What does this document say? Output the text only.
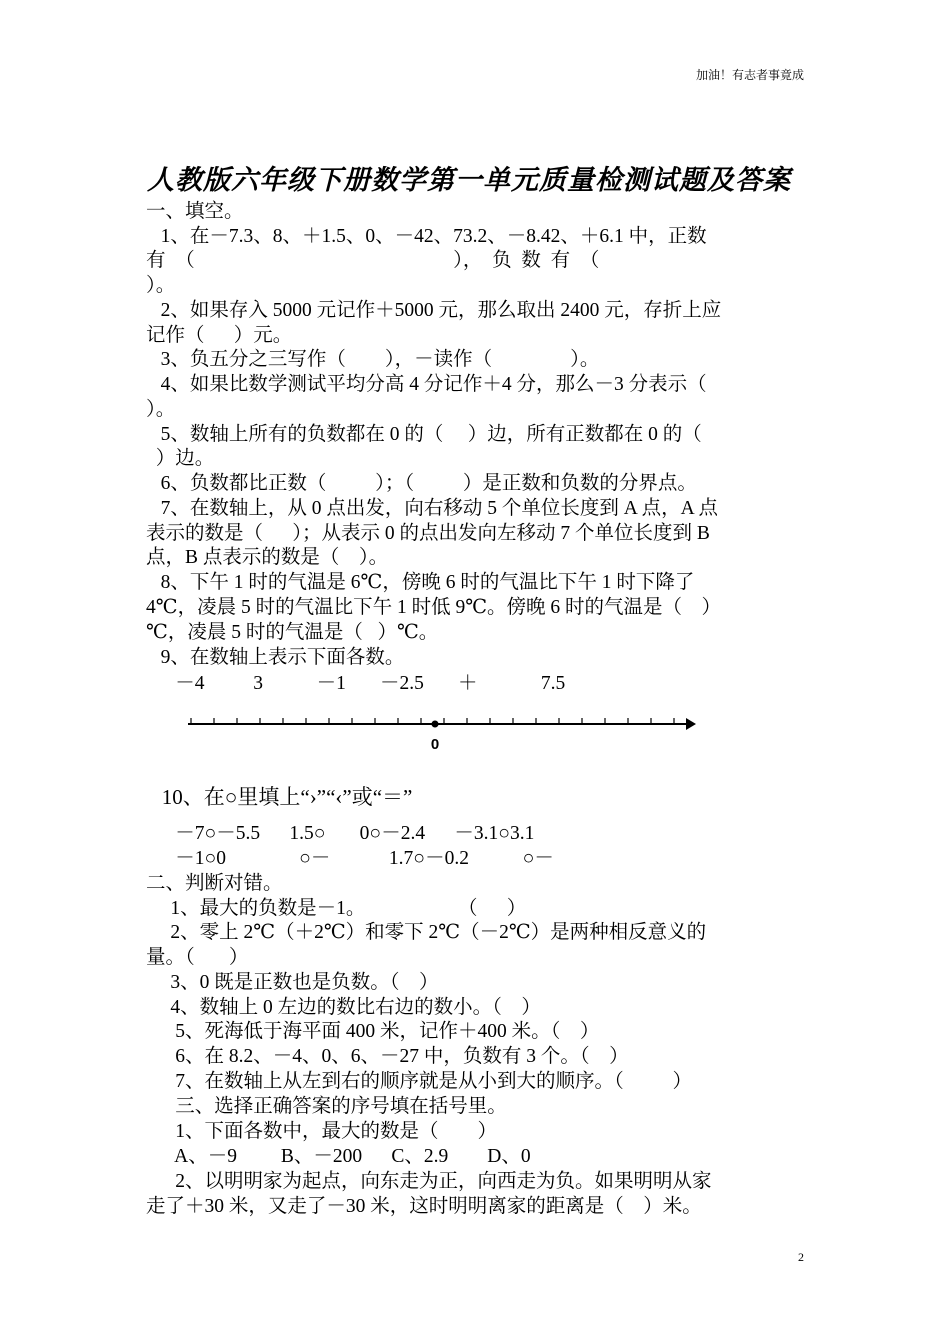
加油！有志者事竟成
人教版六年级下册数学第一单元质量检测试题及答案
一、填空。
1、在－7.3、8、＋1.5、0、－42、73.2、－8.42、＋6.1 中，正数
有  （                                                     ），  负  数  有  （
）。
2、如果存入 5000 元记作＋5000 元，那么取出 2400 元，存折上应
记作（      ）元。
3、负五分之三写作（        ），－读作（                ）。
4、如果比数学测试平均分高 4 分记作＋4 分，那么－3 分表示（
）。
5、数轴上所有的负数都在 0 的（     ）边，所有正数都在 0 的（
）边。
6、负数都比正数（          ）；（          ）是正数和负数的分界点。
7、在数轴上，从 0 点出发，向右移动 5 个单位长度到 A 点，A 点
表示的数是（      ）；从表示 0 的点出发向左移动 7 个单位长度到 B
点，B 点表示的数是（    ）。
8、下午 1 时的气温是 6℃，傍晚 6 时的气温比下午 1 时下降了
4℃，凌晨 5 时的气温比下午 1 时低 9℃。傍晚 6 时的气温是（    ）
℃，凌晨 5 时的气温是（   ）℃。
9、在数轴上表示下面各数。
－4          3           －1       －2.5       ＋             7.5
0
10、在○里填上“›”“‹”或“＝”
－7○－5.5      1.5○       0○－2.4      －3.1○3.1
－1○0               ○－            1.7○－0.2           ○－
二、判断对错。
1、最大的负数是－1。                   （      ）
2、零上 2℃（＋2℃）和零下 2℃（－2℃）是两种相反意义的
量。（       ）
3、0 既是正数也是负数。（    ）
4、数轴上 0 左边的数比右边的数小。（    ）
5、死海低于海平面 400 米，记作＋400 米。（    ）
6、在 8.2、－4、0、6、－27 中，负数有 3 个。（    ）
7、在数轴上从左到右的顺序就是从小到大的顺序。（          ）
三、选择正确答案的序号填在括号里。
1、下面各数中，最大的数是（        ）
A、－9         B、－200      C、2.9        D、0
2、以明明家为起点，向东走为正，向西走为负。如果明明从家
走了＋30 米，又走了－30 米，这时明明离家的距离是（    ）米。
2
